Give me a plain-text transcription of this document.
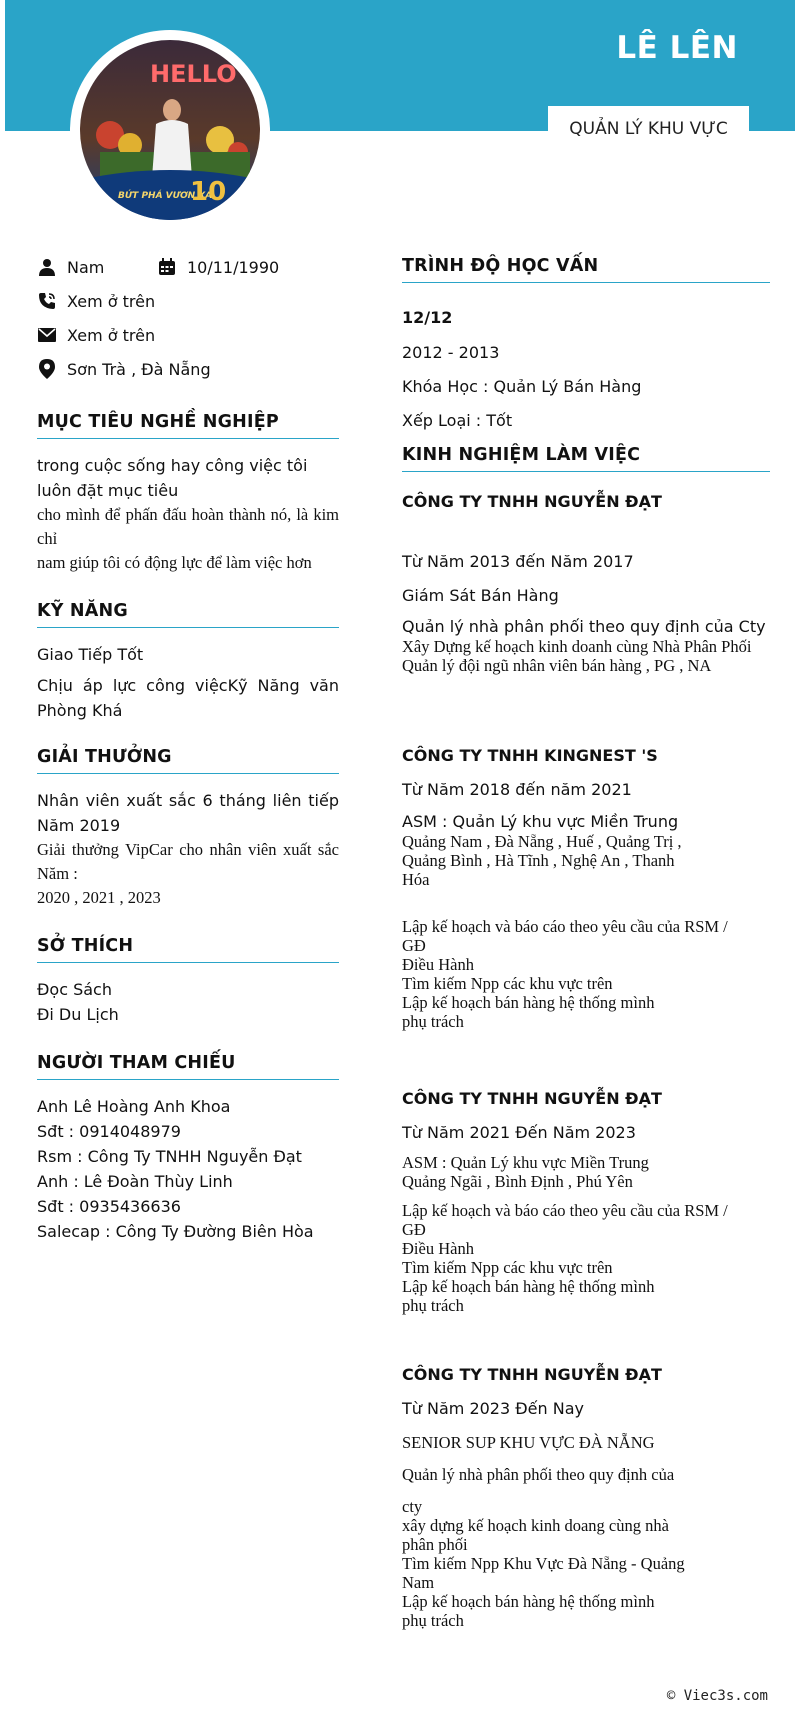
LÊ LÊN
QUẢN LÝ KHU VỰC
HELLO
BỨT PHÁ VƯƠN XA
10
Nam	10/11/1990
Xem ở trên
Xem ở trên
Sơn Trà , Đà Nẵng
MỤC TIÊU NGHỀ NGHIỆP
trong cuộc sống hay công việc tôi luôn đặt mục tiêu
cho mình để phấn đấu hoàn thành nó, là kim chỉ
nam giúp tôi có động lực để làm việc hơn
KỸ NĂNG
Giao Tiếp Tốt
Chịu áp lực công việcKỹ Năng văn Phòng Khá
GIẢI THƯỞNG
Nhân viên xuất sắc 6 tháng liên tiếp Năm 2019
Giải thưởng VipCar cho nhân viên xuất sắc Năm :
2020 , 2021 , 2023
SỞ THÍCH
Đọc Sách
Đi Du Lịch
NGƯỜI THAM CHIẾU
Anh Lê Hoàng Anh Khoa
Sđt : 0914048979
Rsm : Công Ty TNHH Nguyễn Đạt
Anh : Lê Đoàn Thùy Linh
Sđt : 0935436636
Salecap : Công Ty Đường Biên Hòa
TRÌNH ĐỘ HỌC VẤN
12/12
2012 - 2013
Khóa Học : Quản Lý Bán Hàng
Xếp Loại : Tốt
KINH NGHIỆM LÀM VIỆC
CÔNG TY TNHH NGUYỄN ĐẠT
Từ Năm 2013 đến Năm 2017
Giám Sát Bán Hàng
Quản lý nhà phân phối theo quy định của Cty
Xây Dựng kế hoạch kinh doanh cùng Nhà Phân Phối
Quản lý đội ngũ nhân viên bán hàng , PG , NA
CÔNG TY TNHH KINGNEST 'S
Từ Năm 2018 đến năm 2021
ASM : Quản Lý khu vực Miền Trung
Quảng Nam , Đà Nẵng , Huế , Quảng Trị ,
Quảng Bình , Hà Tĩnh , Nghệ An , Thanh
Hóa
Lập kế hoạch và báo cáo theo yêu cầu của RSM /
GĐ
Điều Hành
Tìm kiếm Npp các khu vực trên
Lập kế hoạch bán hàng hệ thống mình
phụ trách
CÔNG TY TNHH NGUYỄN ĐẠT
Từ Năm 2021 Đến Năm 2023
ASM : Quản Lý khu vực Miền Trung
Quảng Ngãi , Bình Định , Phú Yên
Lập kế hoạch và báo cáo theo yêu cầu của RSM /
GĐ
Điều Hành
Tìm kiếm Npp các khu vực trên
Lập kế hoạch bán hàng hệ thống mình
phụ trách
CÔNG TY TNHH NGUYỄN ĐẠT
Từ Năm 2023 Đến Nay
SENIOR SUP KHU VỰC ĐÀ NẴNG
Quản lý nhà phân phối theo quy định của
cty
xây dựng kế hoạch kinh doang cùng nhà
phân phối
Tìm kiếm Npp Khu Vực Đà Nẵng - Quảng
Nam
Lập kế hoạch bán hàng hệ thống mình
phụ trách
© Viec3s.com
